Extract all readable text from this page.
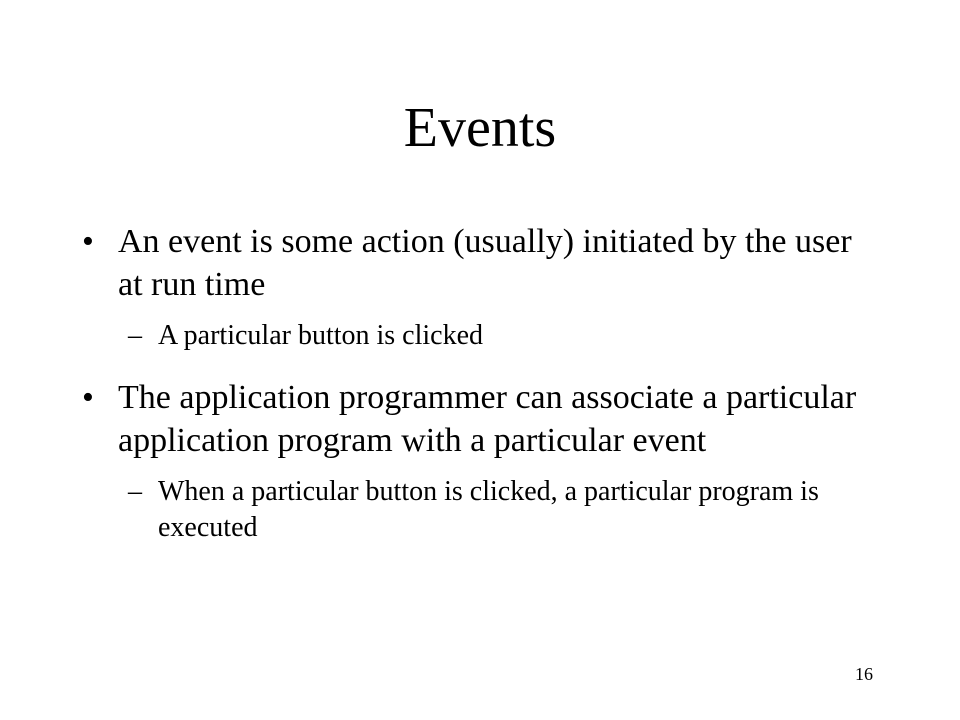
Events
• An event is some action (usually) initiated by the user at run time
– A particular button is clicked
• The application programmer can associate a particular application program with a particular event
– When a particular button is clicked, a particular program is executed
16
